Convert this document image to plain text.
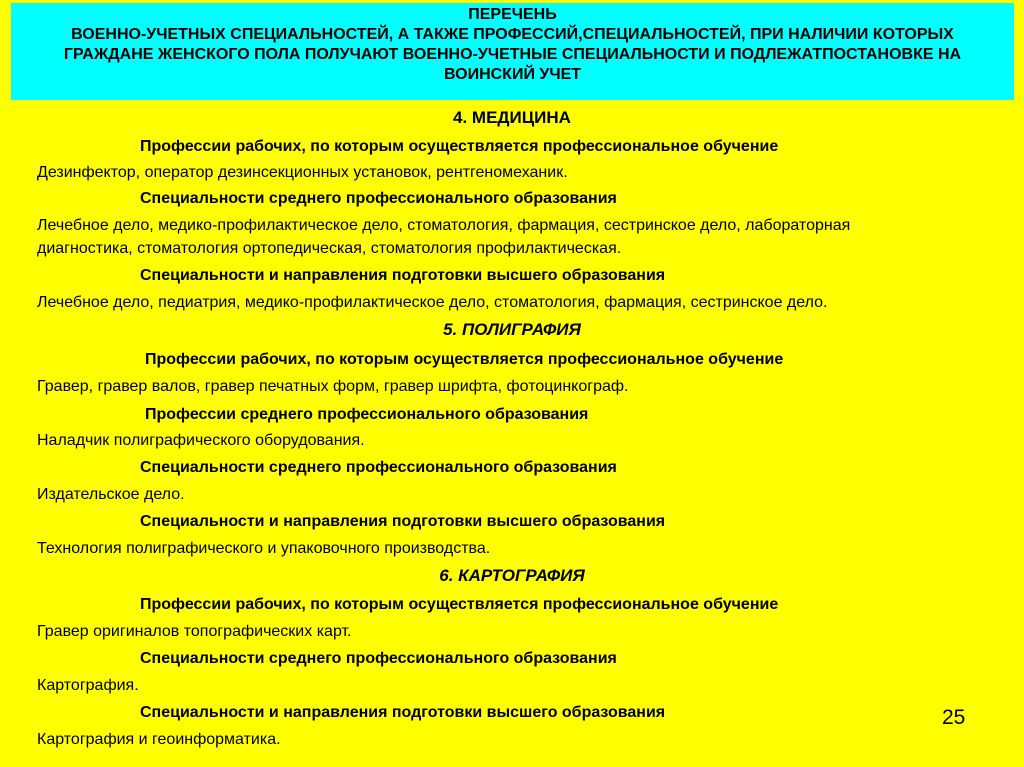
ПЕРЕЧЕНЬ
ВОЕННО-УЧЕТНЫХ СПЕЦИАЛЬНОСТЕЙ, А ТАКЖЕ ПРОФЕССИЙ,СПЕЦИАЛЬНОСТЕЙ, ПРИ НАЛИЧИИ КОТОРЫХ
ГРАЖДАНЕ ЖЕНСКОГО ПОЛА ПОЛУЧАЮТ ВОЕННО-УЧЕТНЫЕ СПЕЦИАЛЬНОСТИ И ПОДЛЕЖАТПОСТАНОВКЕ НА
ВОИНСКИЙ УЧЕТ
4. МЕДИЦИНА
Профессии рабочих, по которым осуществляется профессиональное обучение
Дезинфектор, оператор дезинсекционных установок, рентгеномеханик.
Специальности среднего профессионального образования
Лечебное дело, медико-профилактическое дело, стоматология, фармация, сестринское дело, лабораторная
диагностика, стоматология ортопедическая, стоматология профилактическая.
Специальности и направления подготовки высшего образования
Лечебное дело, педиатрия, медико-профилактическое дело, стоматология, фармация, сестринское дело.
5. ПОЛИГРАФИЯ
Профессии рабочих, по которым осуществляется профессиональное обучение
Гравер, гравер валов, гравер печатных форм, гравер шрифта, фотоцинкограф.
Профессии среднего профессионального образования
Наладчик полиграфического оборудования.
Специальности среднего профессионального образования
Издательское дело.
Специальности и направления подготовки высшего образования
Технология полиграфического и упаковочного производства.
6. КАРТОГРАФИЯ
Профессии рабочих, по которым осуществляется профессиональное обучение
Гравер оригиналов топографических карт.
Специальности среднего профессионального образования
Картография.
Специальности и направления подготовки высшего образования
Картография и геоинформатика.
25
